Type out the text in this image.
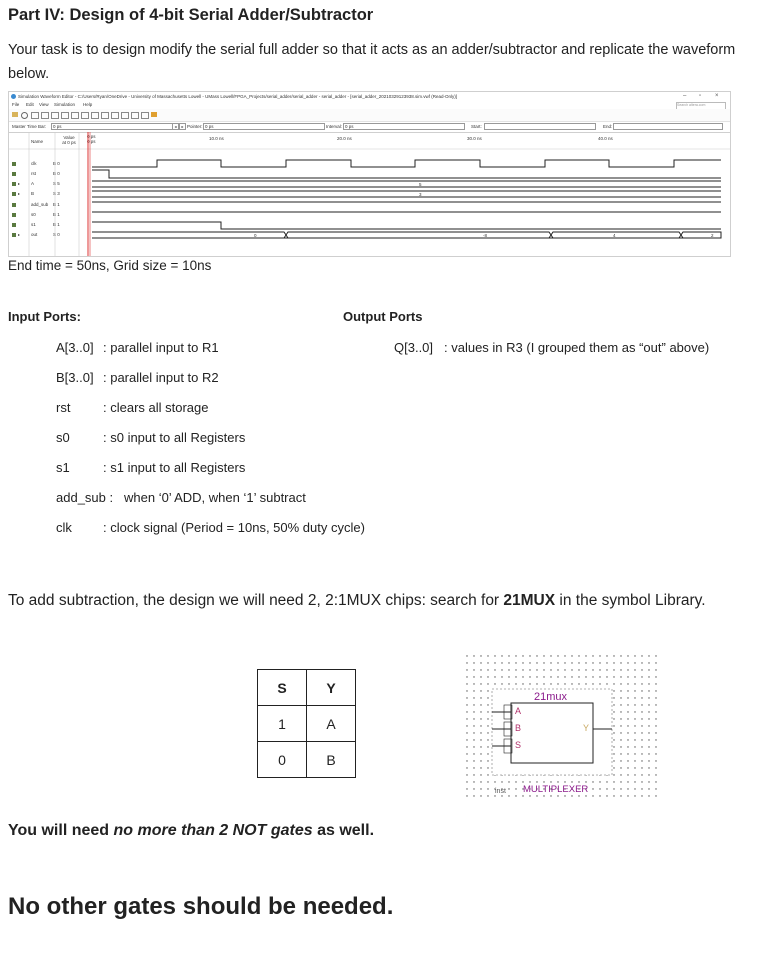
Part IV: Design of 4-bit Serial Adder/Subtractor
Your task is to design modify the serial full adder so that it acts as an adder/subtractor and replicate the waveform below.
Simulation Waveform Editor - C:/Users/Ryan/OneDrive - University of Massachusetts Lowell - UMass Lowell/FPGA_Projects/serial_adder/serial_adder - serial_adder - [serial_adder_20210329123938.sim.vwf (Read-Only)]	– ▫ ×
File Edit View Simulation Help	Search altera.com
Master Time Bar: 0 ps	◂	▸ Pointer: 0 ps	Interval: 0 ps	Start:	End:
Name
Value at 0 ps
0 ps
0 ps
10.0 ns	20.0 ns	30.0 ns	40.0 ns
clk	B 0
rst	B 0
▸ A	S 5
▸ B	S 3
add_sub B 1
s0	B 1
s1	B 1
▸ out	S 0
5
3
0	-8	4	2
End time = 50ns, Grid size = 10ns
Input Ports:	Output Ports
A[3..0] : parallel input to R1
B[3..0] : parallel input to R2
rst	: clears all storage
s0	: s0 input to all Registers
s1	: s1 input to all Registers
add_sub : when ‘0’ ADD, when ‘1’ subtract
clk : clock signal (Period = 10ns, 50% duty cycle)
Q[3..0] : values in R3 (I grouped them as “out” above)
To add subtraction, the design we will need 2, 2:1MUX chips: search for 21MUX in the symbol Library.
S	Y
1	A
0	B
21mux
A
B
S
Y
inst MULTIPLEXER
You will need no more than 2 NOT gates as well.
No other gates should be needed.
